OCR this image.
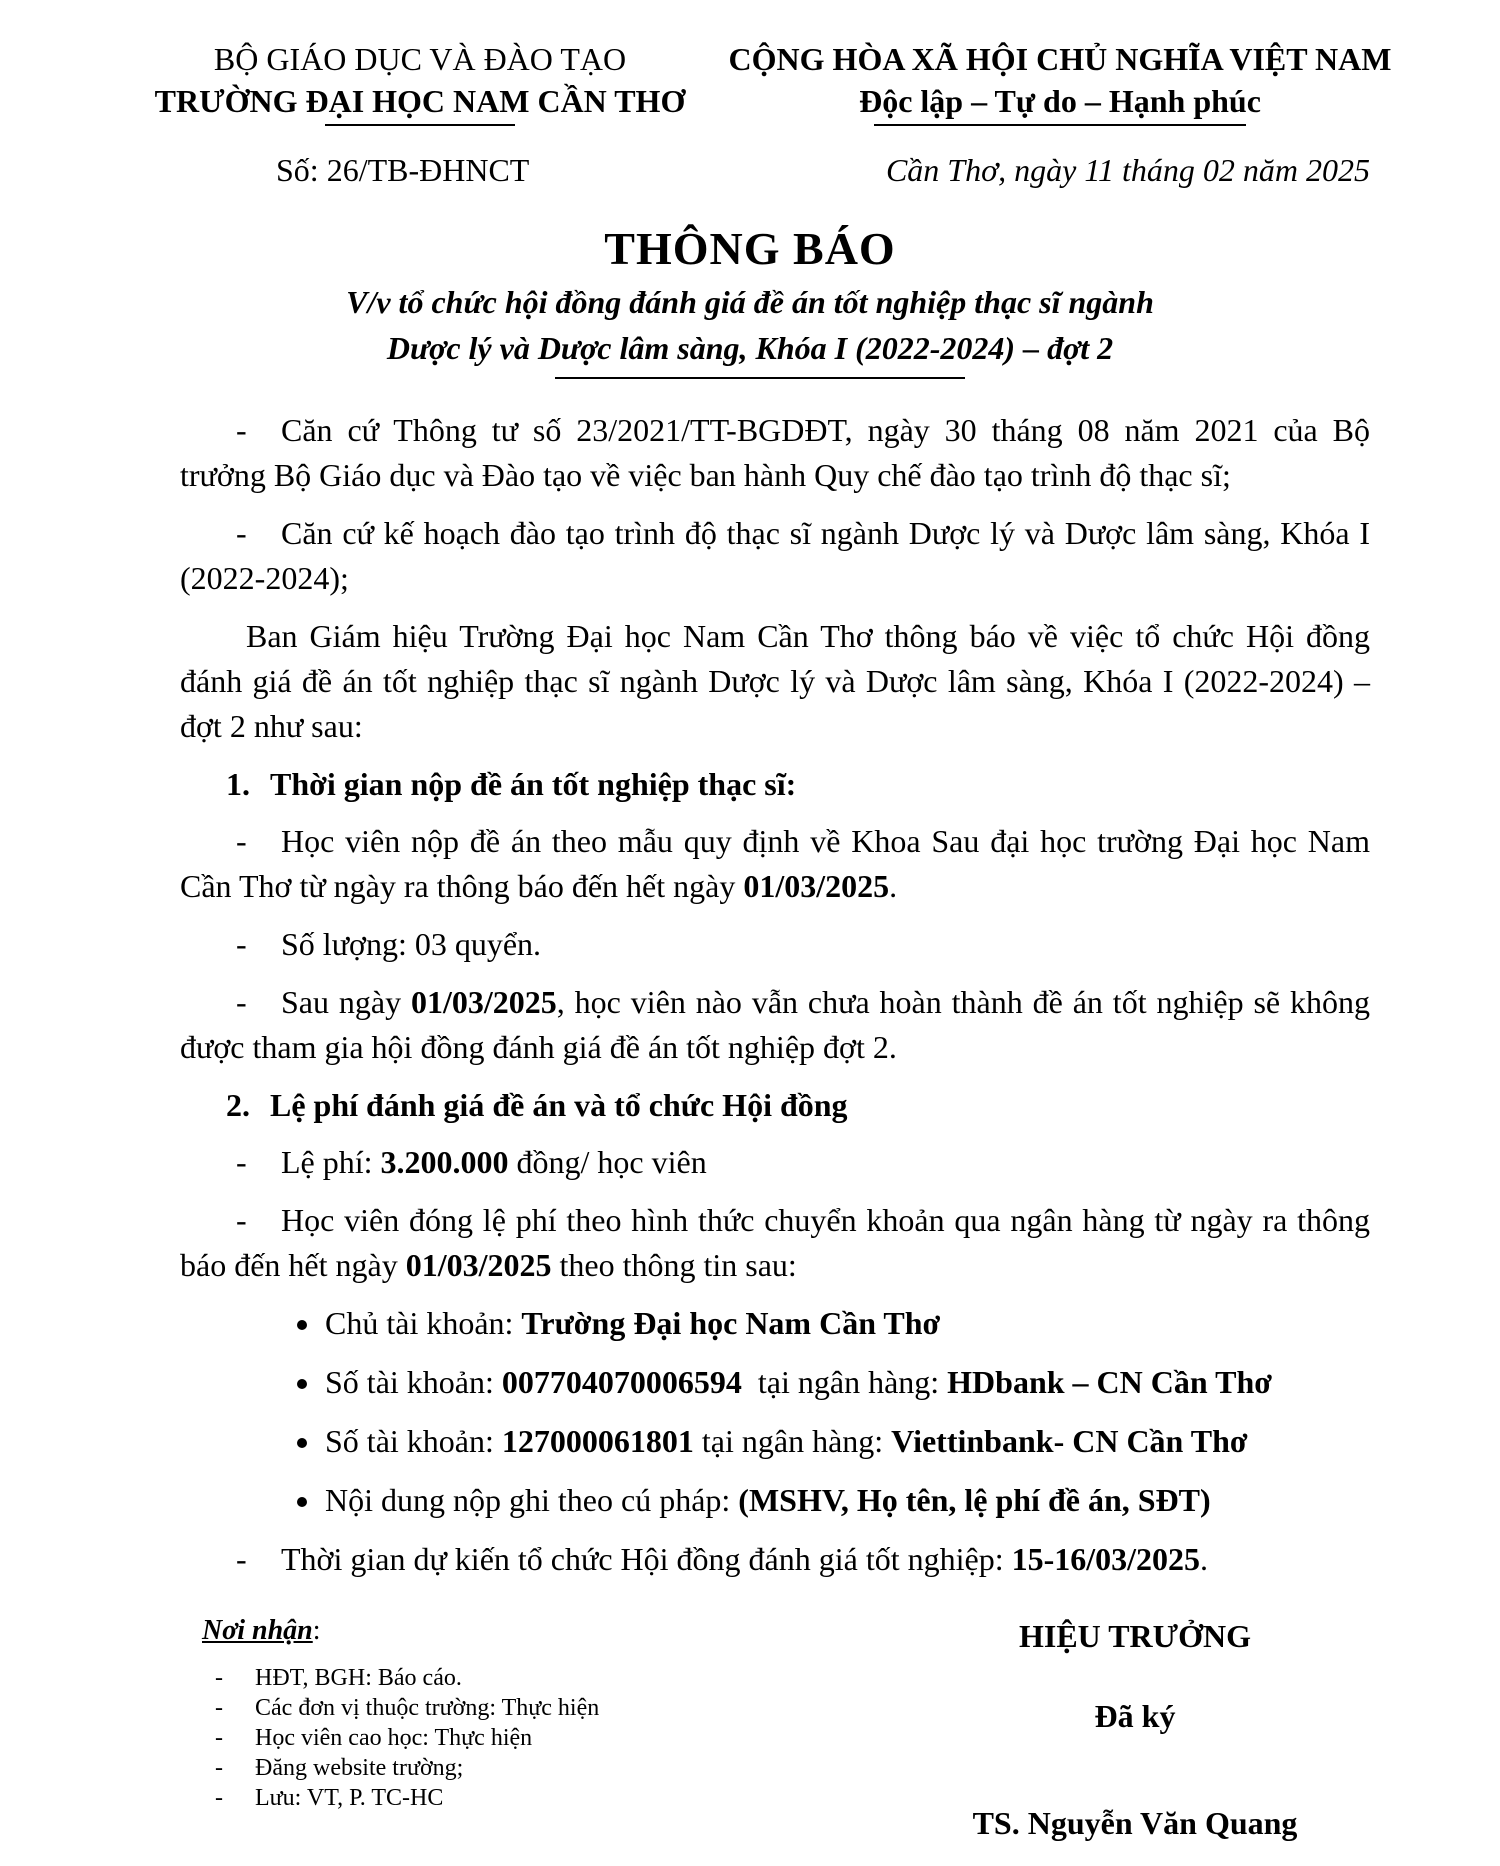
BỘ GIÁO DỤC VÀ ĐÀO TẠO
TRƯỜNG ĐẠI HỌC NAM CẦN THƠ
CỘNG HÒA XÃ HỘI CHỦ NGHĨA VIỆT NAM
Độc lập – Tự do – Hạnh phúc
Số: 26/TB-ĐHNCT	Cần Thơ, ngày 11 tháng 02 năm 2025
THÔNG BÁO
V/v tổ chức hội đồng đánh giá đề án tốt nghiệp thạc sĩ ngành
Dược lý và Dược lâm sàng, Khóa I (2022-2024) – đợt 2

- Căn cứ Thông tư số 23/2021/TT-BGDĐT, ngày 30 tháng 08 năm 2021 của Bộ trưởng Bộ Giáo dục và Đào tạo về việc ban hành Quy chế đào tạo trình độ thạc sĩ;

- Căn cứ kế hoạch đào tạo trình độ thạc sĩ ngành Dược lý và Dược lâm sàng, Khóa I (2022-2024);

Ban Giám hiệu Trường Đại học Nam Cần Thơ thông báo về việc tổ chức Hội đồng đánh giá đề án tốt nghiệp thạc sĩ ngành Dược lý và Dược lâm sàng, Khóa I (2022-2024) – đợt 2 như sau:

1. Thời gian nộp đề án tốt nghiệp thạc sĩ:

- Học viên nộp đề án theo mẫu quy định về Khoa Sau đại học trường Đại học Nam Cần Thơ từ ngày ra thông báo đến hết ngày 01/03/2025.

- Số lượng: 03 quyển.

- Sau ngày 01/03/2025, học viên nào vẫn chưa hoàn thành đề án tốt nghiệp sẽ không được tham gia hội đồng đánh giá đề án tốt nghiệp đợt 2.

2. Lệ phí đánh giá đề án và tổ chức Hội đồng

- Lệ phí: 3.200.000 đồng/ học viên

- Học viên đóng lệ phí theo hình thức chuyển khoản qua ngân hàng từ ngày ra thông báo đến hết ngày 01/03/2025 theo thông tin sau:

Chủ tài khoản: Trường Đại học Nam Cần Thơ
Số tài khoản: 007704070006594 tại ngân hàng: HDbank – CN Cần Thơ
Số tài khoản: 127000061801 tại ngân hàng: Viettinbank- CN Cần Thơ
Nội dung nộp ghi theo cú pháp: (MSHV, Họ tên, lệ phí đề án, SĐT)

- Thời gian dự kiến tổ chức Hội đồng đánh giá tốt nghiệp: 15-16/03/2025.

Nơi nhận:
- HĐT, BGH: Báo cáo.
- Các đơn vị thuộc trường: Thực hiện
- Học viên cao học: Thực hiện
- Đăng website trường;
- Lưu: VT, P. TC-HC
HIỆU TRƯỞNG
Đã ký
TS. Nguyễn Văn Quang
